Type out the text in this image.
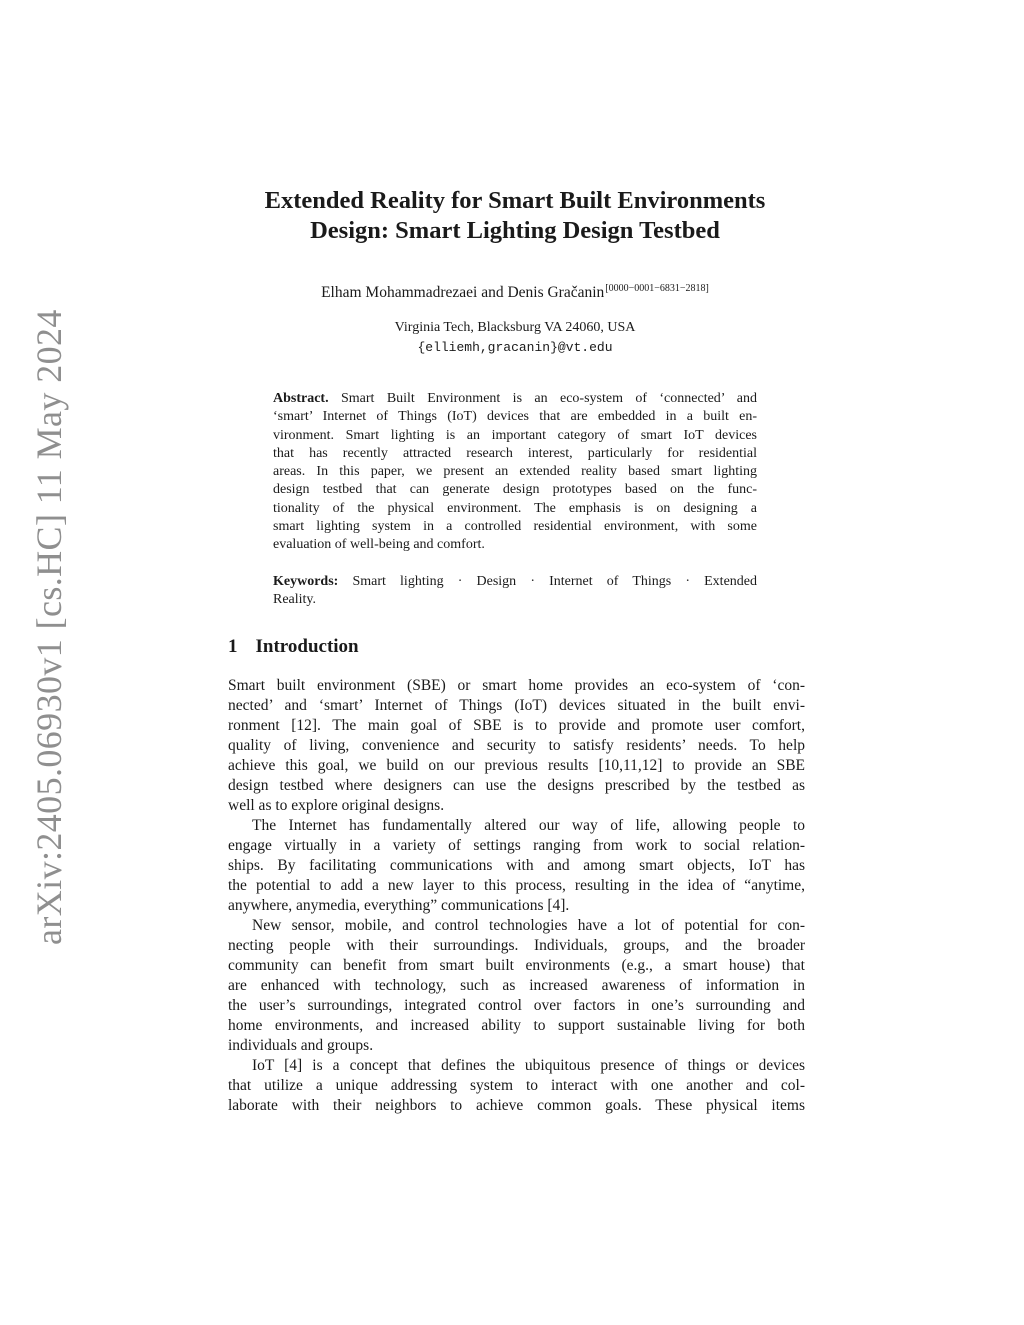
arXiv:2405.06930v1 [cs.HC] 11 May 2024
Extended Reality for Smart Built Environments
Design: Smart Lighting Design Testbed
Elham Mohammadrezaei and Denis Gračanin[0000−0001−6831−2818]
Virginia Tech, Blacksburg VA 24060, USA
{elliemh,gracanin}@vt.edu
Abstract. Smart Built Environment is an eco-system of ‘connected’ and
‘smart’ Internet of Things (IoT) devices that are embedded in a built en-
vironment. Smart lighting is an important category of smart IoT devices
that has recently attracted research interest, particularly for residential
areas. In this paper, we present an extended reality based smart lighting
design testbed that can generate design prototypes based on the func-
tionality of the physical environment. The emphasis is on designing a
smart lighting system in a controlled residential environment, with some
evaluation of well-being and comfort.
Keywords: Smart lighting · Design · Internet of Things · Extended
Reality.
1 Introduction
Smart built environment (SBE) or smart home provides an eco-system of ‘con-
nected’ and ‘smart’ Internet of Things (IoT) devices situated in the built envi-
ronment [12]. The main goal of SBE is to provide and promote user comfort,
quality of living, convenience and security to satisfy residents’ needs. To help
achieve this goal, we build on our previous results [10,11,12] to provide an SBE
design testbed where designers can use the designs prescribed by the testbed as
well as to explore original designs.
The Internet has fundamentally altered our way of life, allowing people to
engage virtually in a variety of settings ranging from work to social relation-
ships. By facilitating communications with and among smart objects, IoT has
the potential to add a new layer to this process, resulting in the idea of “anytime,
anywhere, anymedia, everything” communications [4].
New sensor, mobile, and control technologies have a lot of potential for con-
necting people with their surroundings. Individuals, groups, and the broader
community can benefit from smart built environments (e.g., a smart house) that
are enhanced with technology, such as increased awareness of information in
the user’s surroundings, integrated control over factors in one’s surrounding and
home environments, and increased ability to support sustainable living for both
individuals and groups.
IoT [4] is a concept that defines the ubiquitous presence of things or devices
that utilize a unique addressing system to interact with one another and col-
laborate with their neighbors to achieve common goals. These physical items
